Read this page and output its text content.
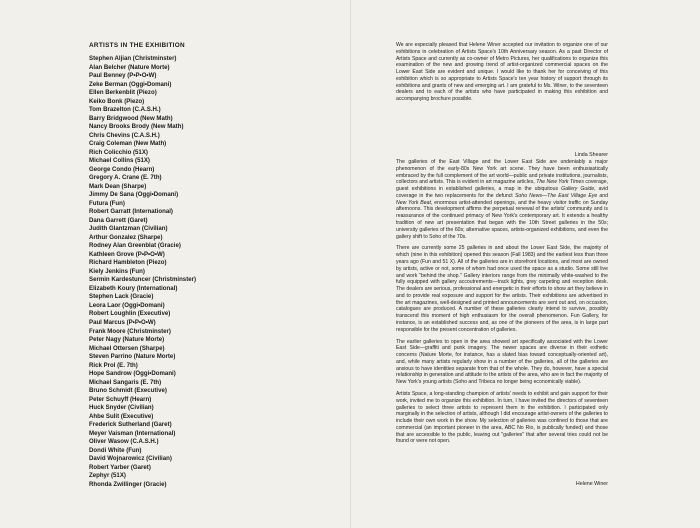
ARTISTS IN THE EXHIBITION
Stephen Aljian (Christminster)
Alan Belcher (Nature Morte)
Paul Benney (P•P•O•W)
Zeke Berman (Oggi•Domani)
Ellen Berkenblit (Piezo)
Keiko Bonk (Piezo)
Tom Brazelton (C.A.S.H.)
Barry Bridgwood (New Math)
Nancy Brooks Brody (New Math)
Chris Chevins (C.A.S.H.)
Craig Coleman (New Math)
Rich Colicchio (51X)
Michael Collins (51X)
George Condo (Hearn)
Gregory A. Crane (E. 7th)
Mark Dean (Sharpe)
Jimmy De Sana (Oggi•Domani)
Futura (Fun)
Robert Garratt (International)
Dana Garrett (Garet)
Judith Glantzman (Civilian)
Arthur Gonzalez (Sharpe)
Rodney Alan Greenblat (Gracie)
Kathleen Grove (P•P•O•W)
Richard Hambleton (Piezo)
Kiely Jenkins (Fun)
Sermin Kardestuncer (Christminster)
Elizabeth Koury (International)
Stephen Lack (Gracie)
Leora Laor (Oggi•Domani)
Robert Loughlin (Executive)
Paul Marcus (P•P•O•W)
Frank Moore (Christminster)
Peter Nagy (Nature Morte)
Michael Ottersen (Sharpe)
Steven Parrino (Nature Morte)
Rick Prol (E. 7th)
Hope Sandrow (Oggi•Domani)
Michael Sangaris (E. 7th)
Bruno Schmidt (Executive)
Peter Schuyff (Hearn)
Huck Snyder (Civilian)
Ahbe Sulit (Executive)
Frederick Sutherland (Garet)
Meyer Vaisman (International)
Oliver Wasow (C.A.S.H.)
Dondi White (Fun)
David Wojnarowicz (Civilian)
Robert Yarber (Garet)
Zephyr (51X)
Rhonda Zwillinger (Gracie)

We are especially pleased that Helene Winer accepted our invitation to organize one of our exhibitions in celebration of Artists Space's 10th Anniversary season. As a past Director of Artists Space and currently as co-owner of Metro Pictures, her qualifications to organize this examination of the new and growing trend of artist-organized commercial spaces on the Lower East Side are evident and unique. I would like to thank her for conceiving of this exhibition which is so appropriate to Artists Space's ten year history of support through its exhibitions and grants of new and emerging art. I am grateful to Ms. Winer, to the seventeen dealers and to each of the artists who have participated in making this exhibition and accompanying brochure possible.

Linda Shearer

The galleries of the East Village and the Lower East Side are undeniably a major phenomenon of the early-80s New York art scene. They have been enthusiastically embraced by the full complement of the art world—public and private institutions, journalists, collectors and artists. This is evident in art magazine articles, The New York Times coverage, guest exhibitions in established galleries, a map in the ubiquitous Gallery Guide, avid coverage in the two replacements for the defunct Soho News—The East Village Eye and New York Beat, enormous artist-attended openings, and the heavy visitor traffic on Sunday afternoons. This development affirms the perpetual renewal of the artists' community and is reassurance of the continued primacy of New York's contemporary art. It extends a healthy tradition of new art presentation that began with the 10th Street galleries in the 50s; university galleries of the 60s; alternative spaces, artists-organized exhibitions, and even the gallery shift to Soho of the 70s.

There are currently some 25 galleries in and about the Lower East Side, the majority of which (nine in this exhibition) opened this season (Fall 1983) and the earliest less than three years ago (Fun and 51 X). All of the galleries are in storefront locations, and most are owned by artists, active or not, some of whom had once used the space as a studio. Some still live and work "behind the shop." Gallery interiors range from the minimally white-washed to the fully equipped with gallery accoutrements—track lights, grey carpeting and reception desk. The dealers are serious, professional and energetic in their efforts to show art they believe in and to provide real exposure and support for the artists. Their exhibitions are advertised in the art magazines, well-designed and printed announcements are sent out and, on occasion, catalogues are produced. A number of these galleries clearly intend to survive, possibly transcend this moment of high enthusiasm for the overall phenomenon. Fun Gallery, for instance, is an established success and, as one of the pioneers of the area, is in large part responsible for the present concentration of galleries.

The earlier galleries to open in the area showed art specifically associated with the Lower East Side—graffiti and punk imagery. The newer spaces are diverse in their esthetic concerns (Nature Morte, for instance, has a slated bias toward conceptually-oriented art), and, while many artists regularly show in a number of the galleries, all of the galleries are anxious to have identities separate from that of the whole. They do, however, have a special relationship in generation and attitude to the artists of the area, who are in fact the majority of New York's young artists (Soho and Tribeca no longer being economically viable).

Artists Space, a long-standing champion of artists' needs to exhibit and gain support for their work, invited me to organize this exhibition. In turn, I have invited the directors of seventeen galleries to select three artists to represent them in the exhibition. I participated only marginally in the selection of artists, although I did encourage artist-owners of the galleries to include their own work in the show. My selection of galleries was confined to those that are commercial (an important pioneer in the area, ABC No Rio, is publically funded) and those that are accessible to the public, leaving out "galleries" that after several tries could not be found or were not open.

Helene Winer
